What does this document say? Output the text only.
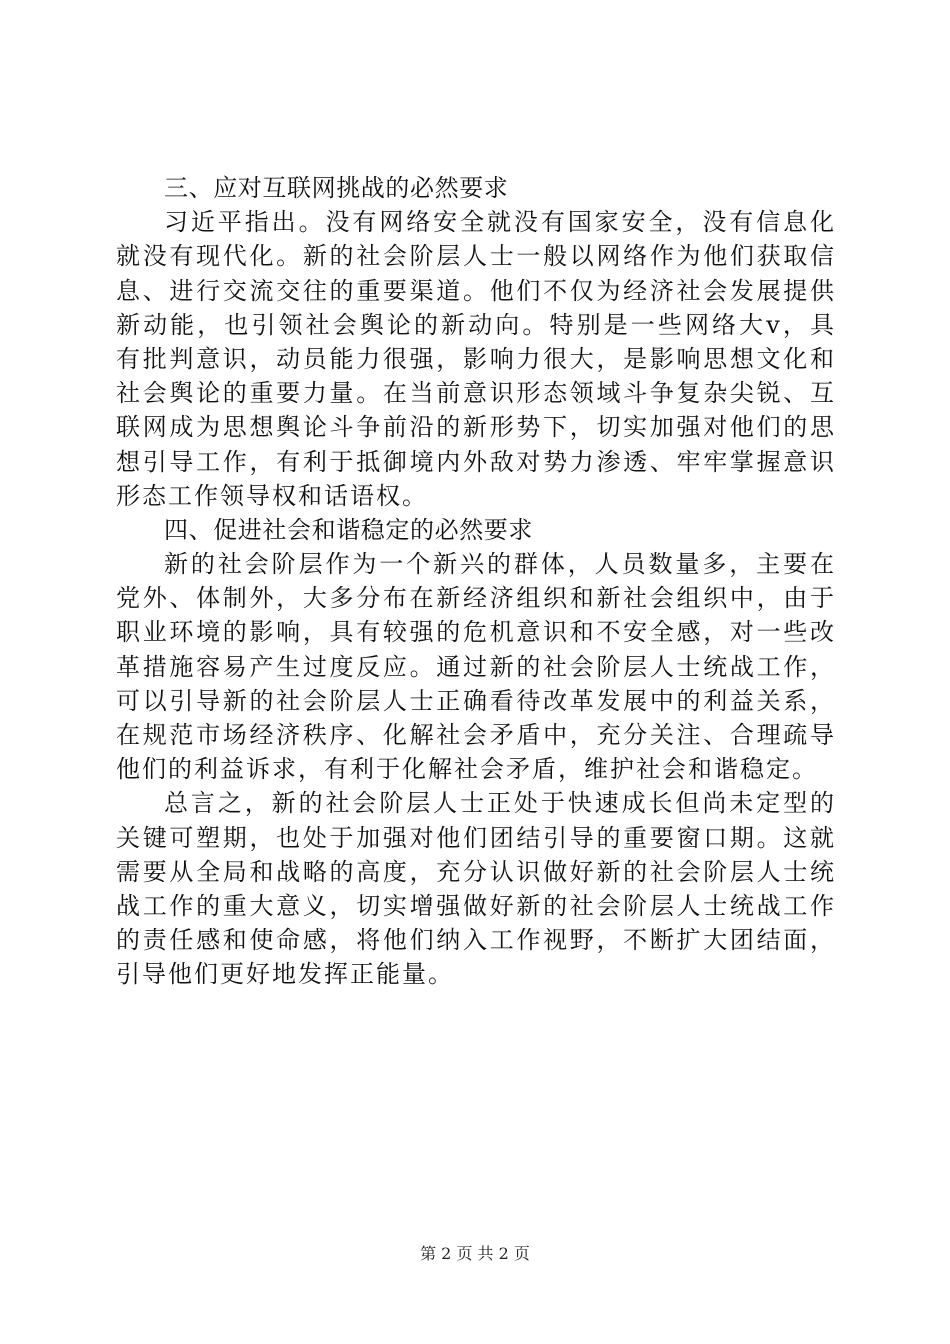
三、应对互联网挑战的必然要求
习近平指出。没有网络安全就没有国家安全，没有信息化
就没有现代化。新的社会阶层人士一般以网络作为他们获取信
息、进行交流交往的重要渠道。他们不仅为经济社会发展提供
新动能，也引领社会舆论的新动向。特别是一些网络大v，具
有批判意识，动员能力很强，影响力很大，是影响思想文化和
社会舆论的重要力量。在当前意识形态领域斗争复杂尖锐、互
联网成为思想舆论斗争前沿的新形势下，切实加强对他们的思
想引导工作，有利于抵御境内外敌对势力渗透、牢牢掌握意识
形态工作领导权和话语权。
四、促进社会和谐稳定的必然要求
新的社会阶层作为一个新兴的群体，人员数量多，主要在
党外、体制外，大多分布在新经济组织和新社会组织中，由于
职业环境的影响，具有较强的危机意识和不安全感，对一些改
革措施容易产生过度反应。通过新的社会阶层人士统战工作，
可以引导新的社会阶层人士正确看待改革发展中的利益关系，
在规范市场经济秩序、化解社会矛盾中，充分关注、合理疏导
他们的利益诉求，有利于化解社会矛盾，维护社会和谐稳定。
总言之，新的社会阶层人士正处于快速成长但尚未定型的
关键可塑期，也处于加强对他们团结引导的重要窗口期。这就
需要从全局和战略的高度，充分认识做好新的社会阶层人士统
战工作的重大意义，切实增强做好新的社会阶层人士统战工作
的责任感和使命感，将他们纳入工作视野，不断扩大团结面，
引导他们更好地发挥正能量。
第 2 页 共 2 页
